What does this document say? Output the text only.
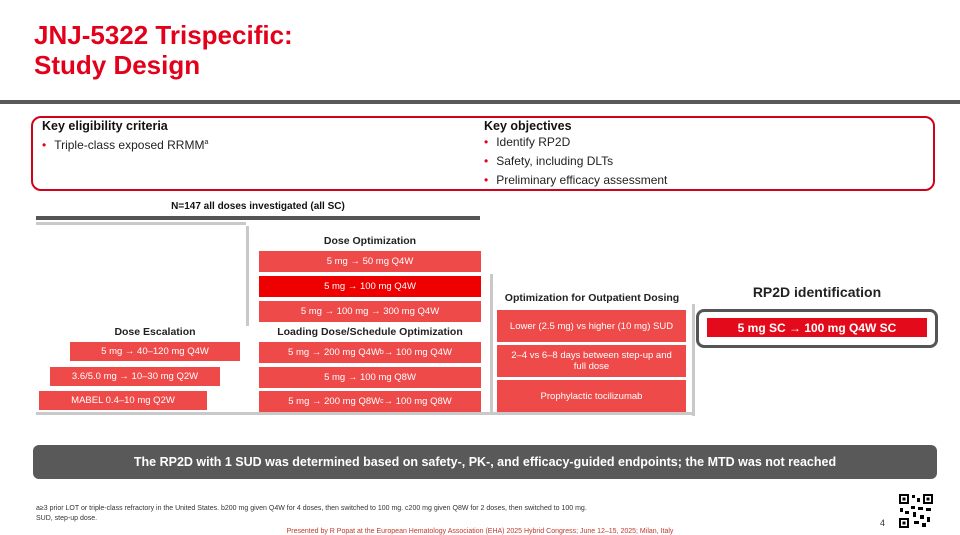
JNJ-5322 Trispecific:
Study Design
Key eligibility criteria
• Triple-class exposed RRMM$^a$
Key objectives
• Identify RP2D
• Safety, including DLTs
• Preliminary efficacy assessment
N=147 all doses investigated (all SC)
Dose Escalation
5 mg → 40–120 mg Q4W
3.6/5.0 mg → 10–30 mg Q2W
MABEL 0.4–10 mg Q2W
Dose Optimization
5 mg → 50 mg Q4W
5 mg → 100 mg Q4W
5 mg → 100 mg → 300 mg Q4W
Loading Dose/Schedule Optimization
5 mg → 200 mg Q4W b → 100 mg Q4W
5 mg → 100 mg Q8W
5 mg → 200 mg Q8W c → 100 mg Q8W
Optimization for Outpatient Dosing
Lower (2.5 mg) vs higher (10 mg) SUD
2–4 vs 6–8 days between step-up and full dose
Prophylactic tocilizumab
RP2D identification
5 mg SC → 100 mg Q4W SC
The RP2D with 1 SUD was determined based on safety-, PK-, and efficacy-guided endpoints; the MTD was not reached
a≥3 prior LOT or triple-class refractory in the United States. b200 mg given Q4W for 4 doses, then switched to 100 mg. c200 mg given Q8W for 2 doses, then switched to 100 mg.
SUD, step-up dose.	4
Presented by R Popat at the European Hematology Association (EHA) 2025 Hybrid Congress; June 12–15, 2025; Milan, Italy
